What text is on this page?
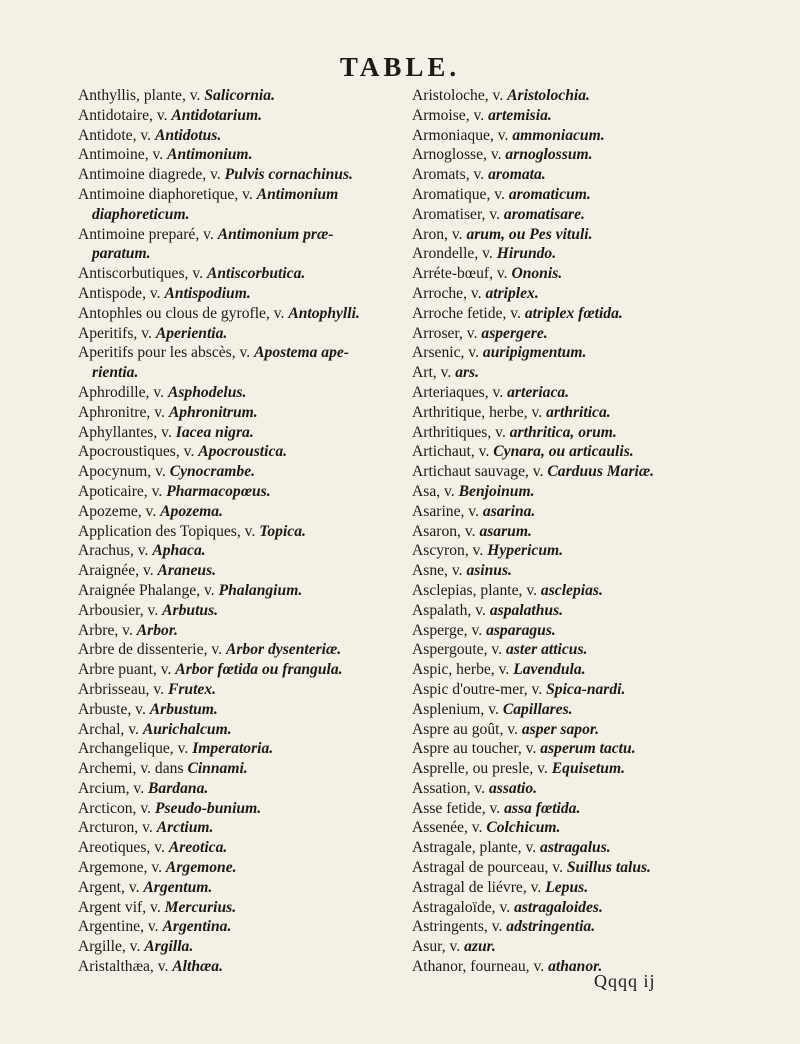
TABLE.
Anthyllis, plante, v. Salicornia.
Antidotaire, v. Antidotarium.
Antidote, v. Antidotus.
Antimoine, v. Antimonium.
Antimoine diagrede, v. Pulvis cornachinus.
Antimoine diaphoretique, v. Antimonium
diaphoreticum.
Antimoine preparé, v. Antimonium præ-
paratum.
Antiscorbutiques, v. Antiscorbutica.
Antispode, v. Antispodium.
Antophles ou clous de gyrofle, v. Antophylli.
Aperitifs, v. Aperientia.
Aperitifs pour les abscès, v. Apostema ape-
rientia.
Aphrodille, v. Asphodelus.
Aphronitre, v. Aphronitrum.
Aphyllantes, v. Iacea nigra.
Apocroustiques, v. Apocroustica.
Apocynum, v. Cynocrambe.
Apoticaire, v. Pharmacopœus.
Apozeme, v. Apozema.
Application des Topiques, v. Topica.
Arachus, v. Aphaca.
Araignée, v. Araneus.
Araignée Phalange, v. Phalangium.
Arbousier, v. Arbutus.
Arbre, v. Arbor.
Arbre de dissenterie, v. Arbor dysenteriæ.
Arbre puant, v. Arbor fœtida ou frangula.
Arbrisseau, v. Frutex.
Arbuste, v. Arbustum.
Archal, v. Aurichalcum.
Archangelique, v. Imperatoria.
Archemi, v. dans Cinnami.
Arcium, v. Bardana.
Arcticon, v. Pseudo-bunium.
Arcturon, v. Arctium.
Areotiques, v. Areotica.
Argemone, v. Argemone.
Argent, v. Argentum.
Argent vif, v. Mercurius.
Argentine, v. Argentina.
Argille, v. Argilla.
Aristalthæa, v. Althæa.
Aristoloche, v. Aristolochia.
Armoise, v. artemisia.
Armoniaque, v. ammoniacum.
Arnoglosse, v. arnoglossum.
Aromats, v. aromata.
Aromatique, v. aromaticum.
Aromatiser, v. aromatisare.
Aron, v. arum, ou Pes vituli.
Arondelle, v. Hirundo.
Arréte-bœuf, v. Ononis.
Arroche, v. atriplex.
Arroche fetide, v. atriplex fœtida.
Arroser, v. aspergere.
Arsenic, v. auripigmentum.
Art, v. ars.
Arteriaques, v. arteriaca.
Arthritique, herbe, v. arthritica.
Arthritiques, v. arthritica, orum.
Artichaut, v. Cynara, ou articaulis.
Artichaut sauvage, v. Carduus Mariæ.
Asa, v. Benjoinum.
Asarine, v. asarina.
Asaron, v. asarum.
Ascyron, v. Hypericum.
Asne, v. asinus.
Asclepias, plante, v. asclepias.
Aspalath, v. aspalathus.
Asperge, v. asparagus.
Aspergoute, v. aster atticus.
Aspic, herbe, v. Lavendula.
Aspic d'outre-mer, v. Spica-nardi.
Asplenium, v. Capillares.
Aspre au goût, v. asper sapor.
Aspre au toucher, v. asperum tactu.
Asprelle, ou presle, v. Equisetum.
Assation, v. assatio.
Asse fetide, v. assa fœtida.
Assenée, v. Colchicum.
Astragale, plante, v. astragalus.
Astragal de pourceau, v. Suillus talus.
Astragal de liévre, v. Lepus.
Astragaloïde, v. astragaloides.
Astringents, v. adstringentia.
Asur, v. azur.
Athanor, fourneau, v. athanor.
Qqqq ij
